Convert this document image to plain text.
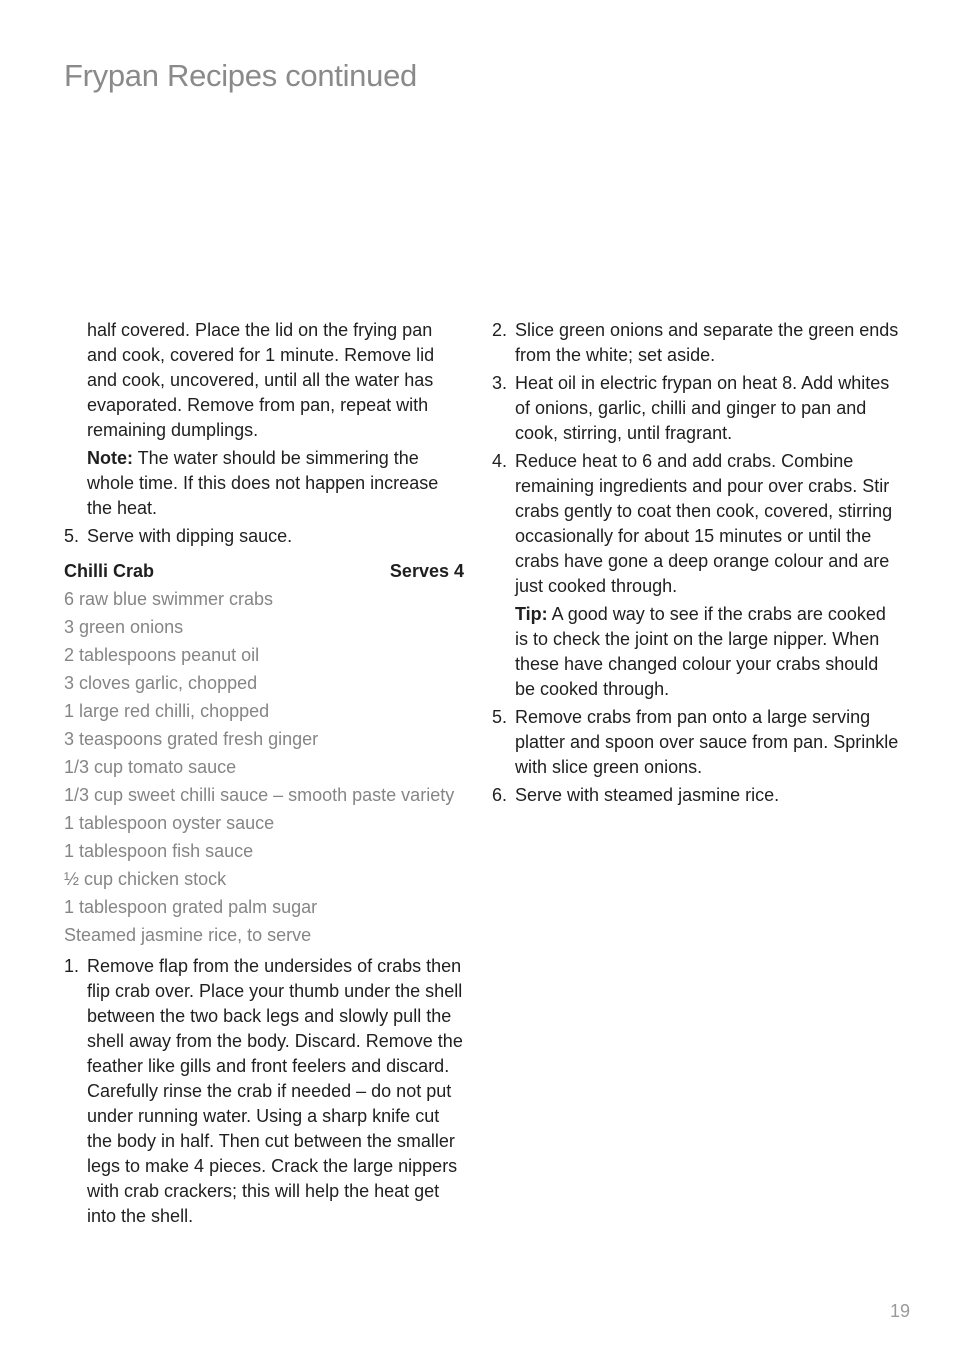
Frypan Recipes continued

half covered. Place the lid on the frying pan and cook, covered for 1 minute. Remove lid and cook, uncovered, until all the water has evaporated. Remove from pan, repeat with remaining dumplings.

Note: The water should be simmering the whole time. If this does not happen increase the heat.

5. Serve with dipping sauce.
Chilli Crab	Serves 4
6 raw blue swimmer crabs
3 green onions
2 tablespoons peanut oil
3 cloves garlic, chopped
1 large red chilli, chopped
3 teaspoons grated fresh ginger
1/3 cup tomato sauce
1/3 cup sweet chilli sauce – smooth paste variety
1 tablespoon oyster sauce
1 tablespoon fish sauce
½ cup chicken stock
1 tablespoon grated palm sugar
Steamed jasmine rice, to serve
1. Remove flap from the undersides of crabs then flip crab over. Place your thumb under the shell between the two back legs and slowly pull the shell away from the body. Discard. Remove the feather like gills and front feelers and discard. Carefully rinse the crab if needed – do not put under running water. Using a sharp knife cut the body in half. Then cut between the smaller legs to make 4 pieces. Crack the large nippers with crab crackers; this will help the heat get into the shell.
2. Slice green onions and separate the green ends from the white; set aside.
3. Heat oil in electric frypan on heat 8. Add whites of onions, garlic, chilli and ginger to pan and cook, stirring, until fragrant.
4. Reduce heat to 6 and add crabs. Combine remaining ingredients and pour over crabs. Stir crabs gently to coat then cook, covered, stirring occasionally for about 15 minutes or until the crabs have gone a deep orange colour and are just cooked through.

Tip: A good way to see if the crabs are cooked is to check the joint on the large nipper. When these have changed colour your crabs should be cooked through.

5. Remove crabs from pan onto a large serving platter and spoon over sauce from pan. Sprinkle with slice green onions.
6. Serve with steamed jasmine rice.
19
